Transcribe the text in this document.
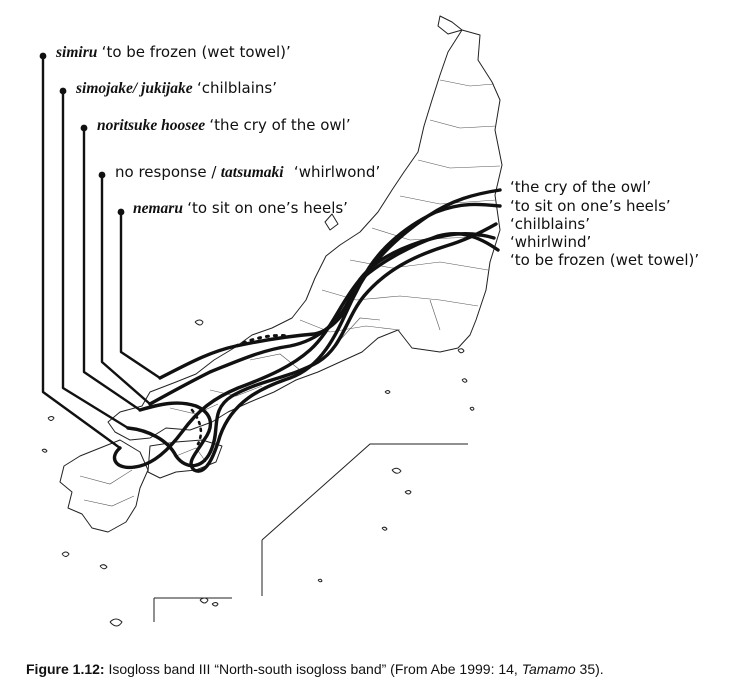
simiru ‘to be frozen (wet towel)’
simojake/ jukijake ‘chilblains’
noritsuke hoosee ‘the cry of the owl’
no response / tatsumaki ‘whirlwond’
nemaru ‘to sit on one’s heels’
‘the cry of the owl’
‘to sit on one’s heels’
‘chilblains’
‘whirlwind’
‘to be frozen (wet towel)’
Figure 1.12: Isogloss band III “North-south isogloss band” (From Abe 1999: 14, Tamamo 35).
